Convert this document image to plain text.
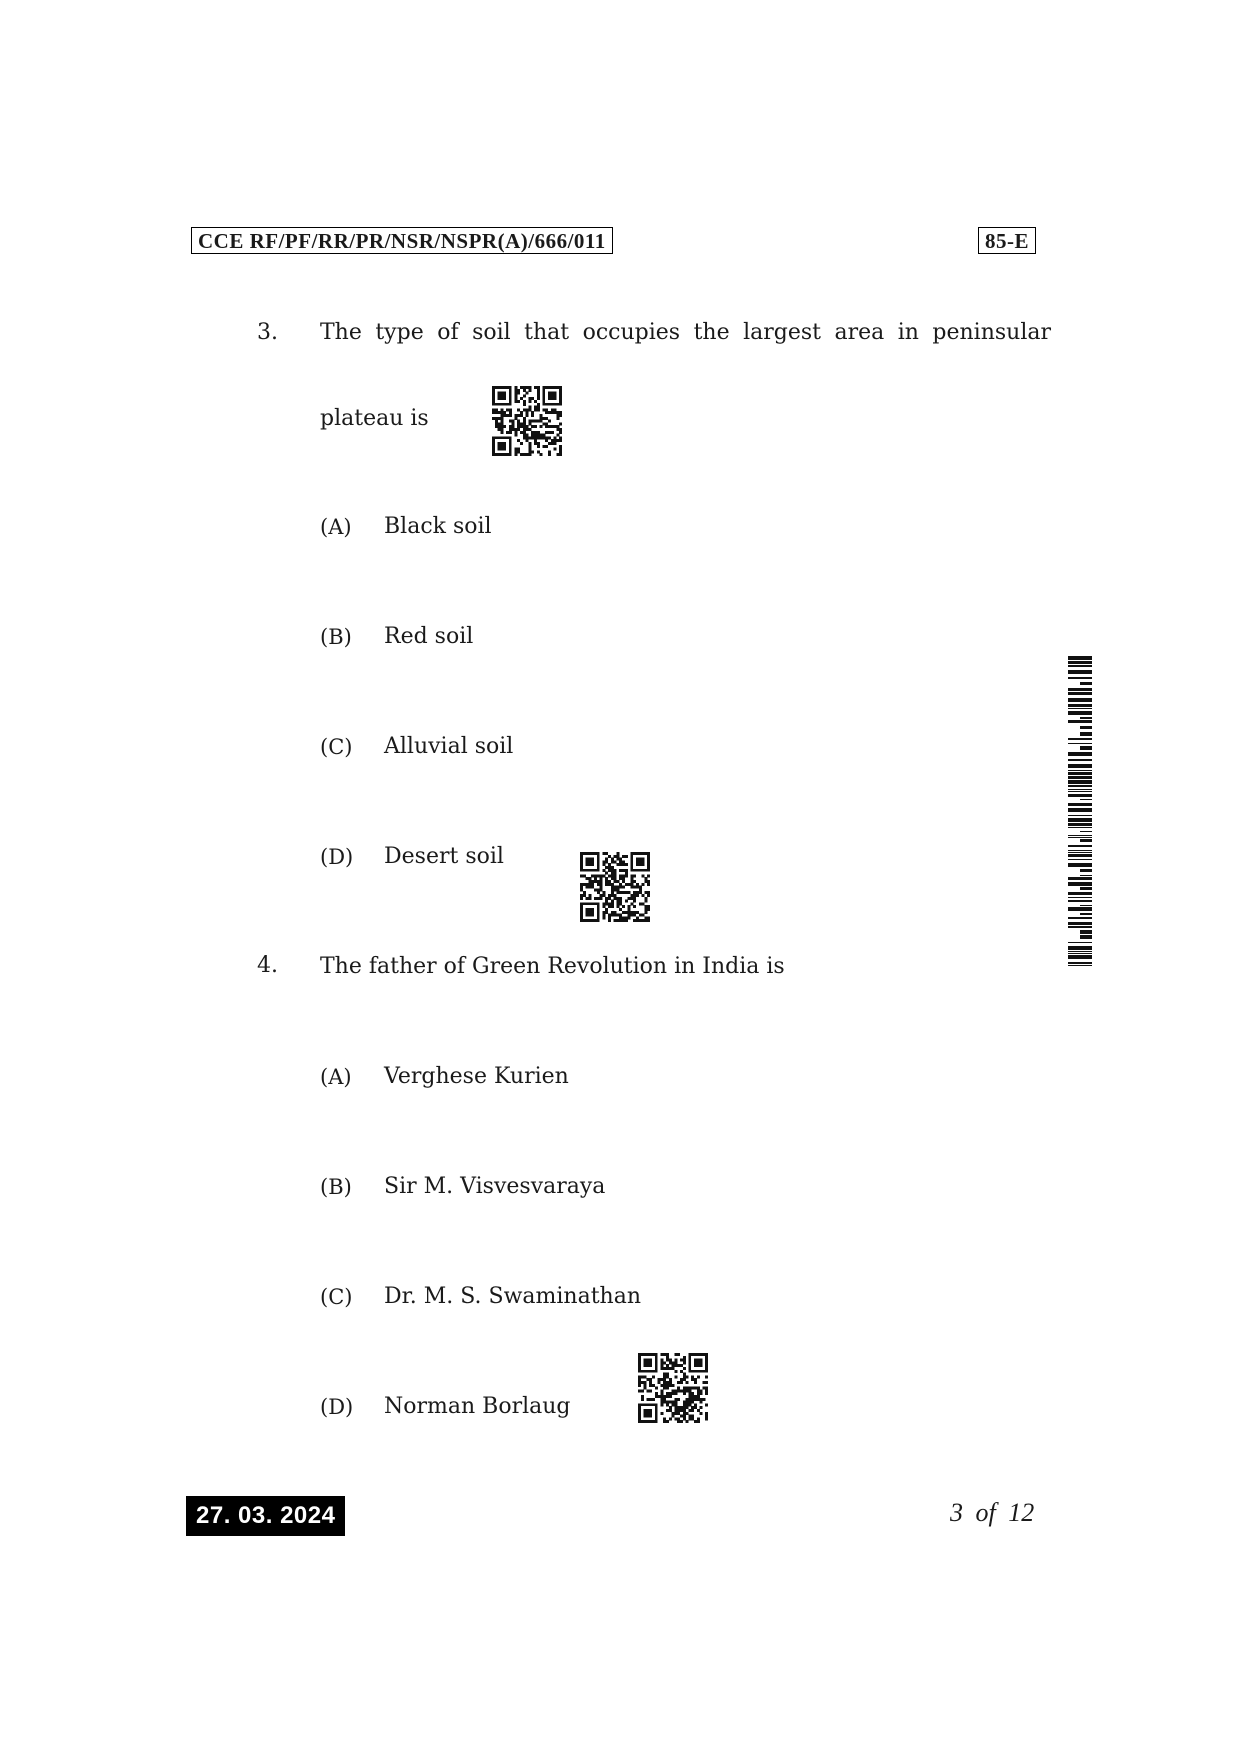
CCE RF/PF/RR/PR/NSR/NSPR(A)/666/011	85-E
3. The type of soil that occupies the largest area in peninsular
plateau is
(A) Black soil
(B) Red soil
(C) Alluvial soil
(D) Desert soil
4. The father of Green Revolution in India is
(A) Verghese Kurien
(B) Sir M. Visvesvaraya
(C) Dr. M. S. Swaminathan
(D) Norman Borlaug
27. 03. 2024	3 of 12
